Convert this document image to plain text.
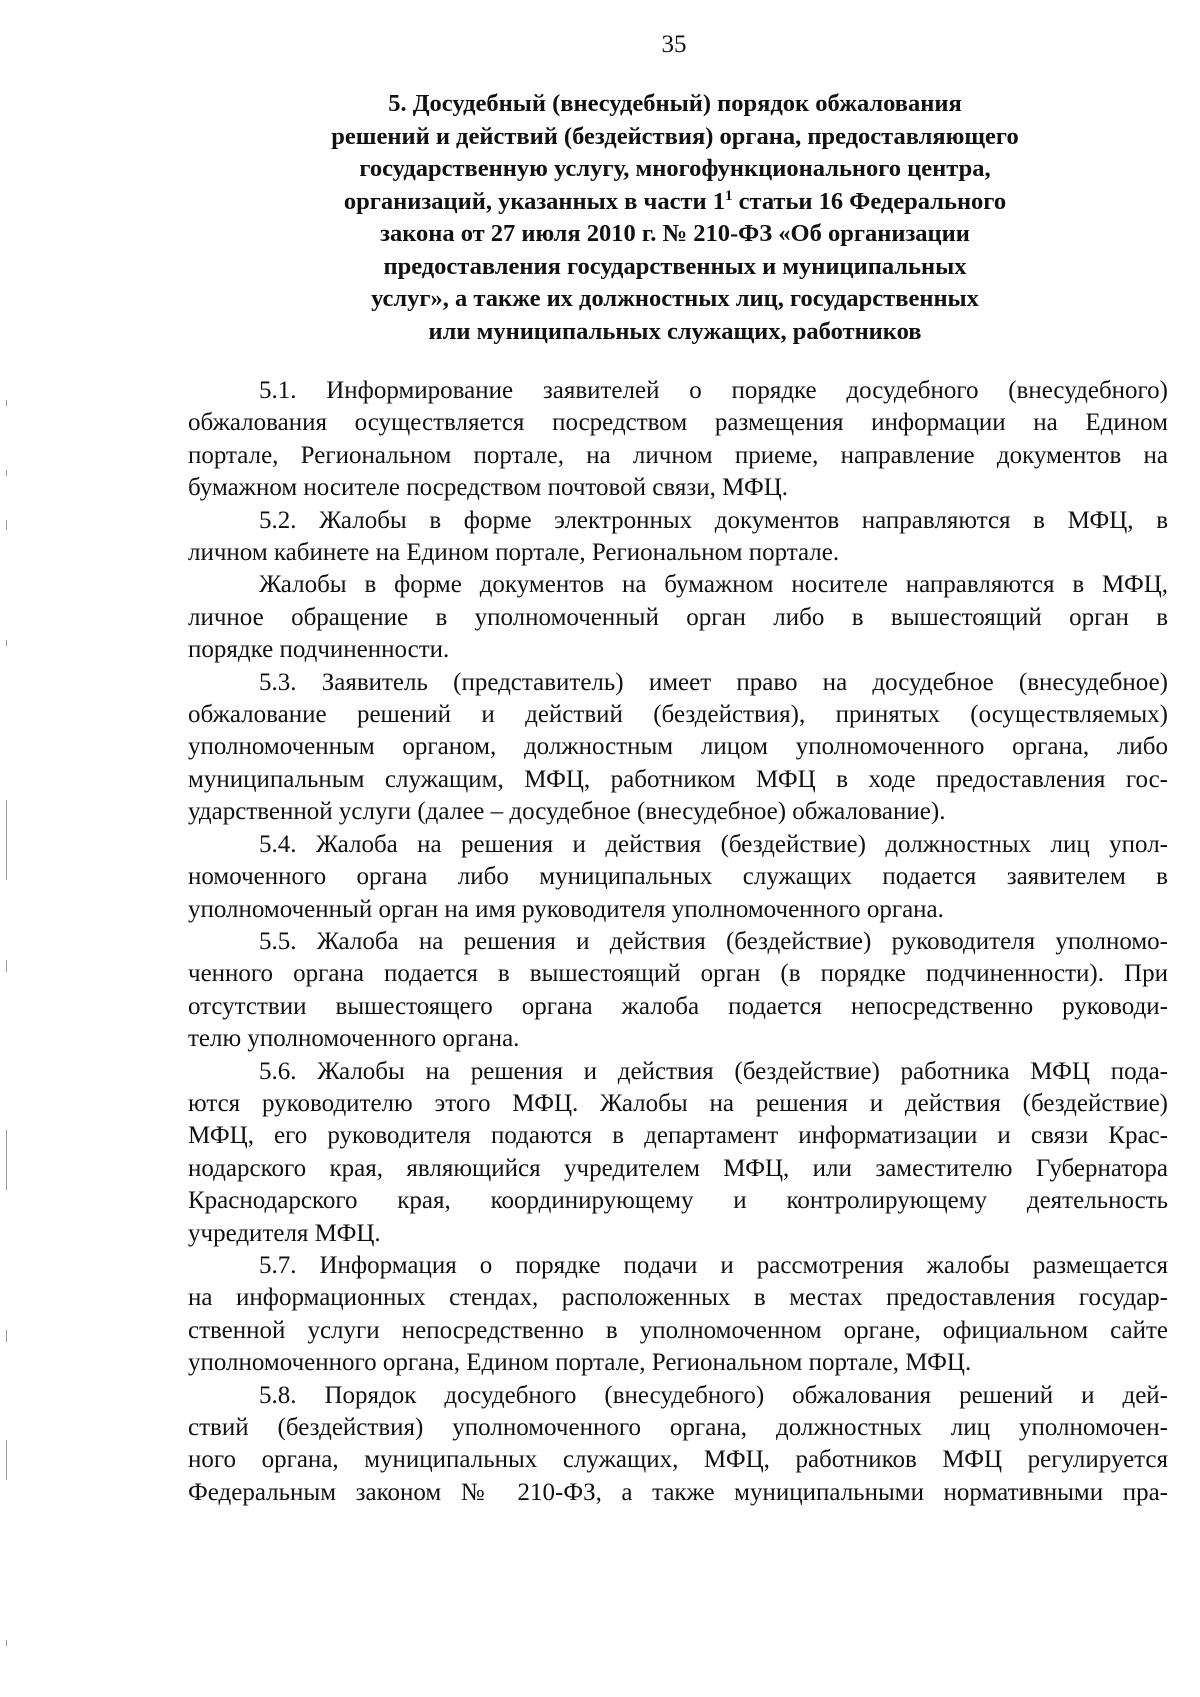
35
5. Досудебный (внесудебный) порядок обжалования
решений и действий (бездействия) органа, предоставляющего
государственную услугу, многофункционального центра,
организаций, указанных в части $1^1$ статьи 16 Федерального
закона от 27 июля 2010 г. № 210-ФЗ «Об организации
предоставления государственных и муниципальных
услуг», а также их должностных лиц, государственных
или муниципальных служащих, работников

5.1. Информирование заявителей о порядке досудебного (внесудебного)
обжалования осуществляется посредством размещения информации на Едином
портале, Региональном портале, на личном приеме, направление документов на
бумажном носителе посредством почтовой связи, МФЦ.

5.2. Жалобы в форме электронных документов направляются в МФЦ, в
личном кабинете на Едином портале, Региональном портале.

Жалобы в форме документов на бумажном носителе направляются в МФЦ,
личное обращение в уполномоченный орган либо в вышестоящий орган в
порядке подчиненности.

5.3. Заявитель (представитель) имеет право на досудебное (внесудебное)
обжалование решений и действий (бездействия), принятых (осуществляемых)
уполномоченным органом, должностным лицом уполномоченного органа, либо
муниципальным служащим, МФЦ, работником МФЦ в ходе предоставления гос-
ударственной услуги (далее – досудебное (внесудебное) обжалование).

5.4. Жалоба на решения и действия (бездействие) должностных лиц упол-
номоченного органа либо муниципальных служащих подается заявителем в
уполномоченный орган на имя руководителя уполномоченного органа.

5.5. Жалоба на решения и действия (бездействие) руководителя уполномо-
ченного органа подается в вышестоящий орган (в порядке подчиненности). При
отсутствии вышестоящего органа жалоба подается непосредственно руководи-
телю уполномоченного органа.

5.6. Жалобы на решения и действия (бездействие) работника МФЦ пода-
ются руководителю этого МФЦ. Жалобы на решения и действия (бездействие)
МФЦ, его руководителя подаются в департамент информатизации и связи Крас-
нодарского края, являющийся учредителем МФЦ, или заместителю Губернатора
Краснодарского края, координирующему и контролирующему деятельность
учредителя МФЦ.

5.7. Информация о порядке подачи и рассмотрения жалобы размещается
на информационных стендах, расположенных в местах предоставления государ-
ственной услуги непосредственно в уполномоченном органе, официальном сайте
уполномоченного органа, Едином портале, Региональном портале, МФЦ.

5.8. Порядок досудебного (внесудебного) обжалования решений и дей-
ствий (бездействия) уполномоченного органа, должностных лиц уполномочен-
ного органа, муниципальных служащих, МФЦ, работников МФЦ регулируется
Федеральным законом № 210-ФЗ, а также муниципальными нормативными пра-
